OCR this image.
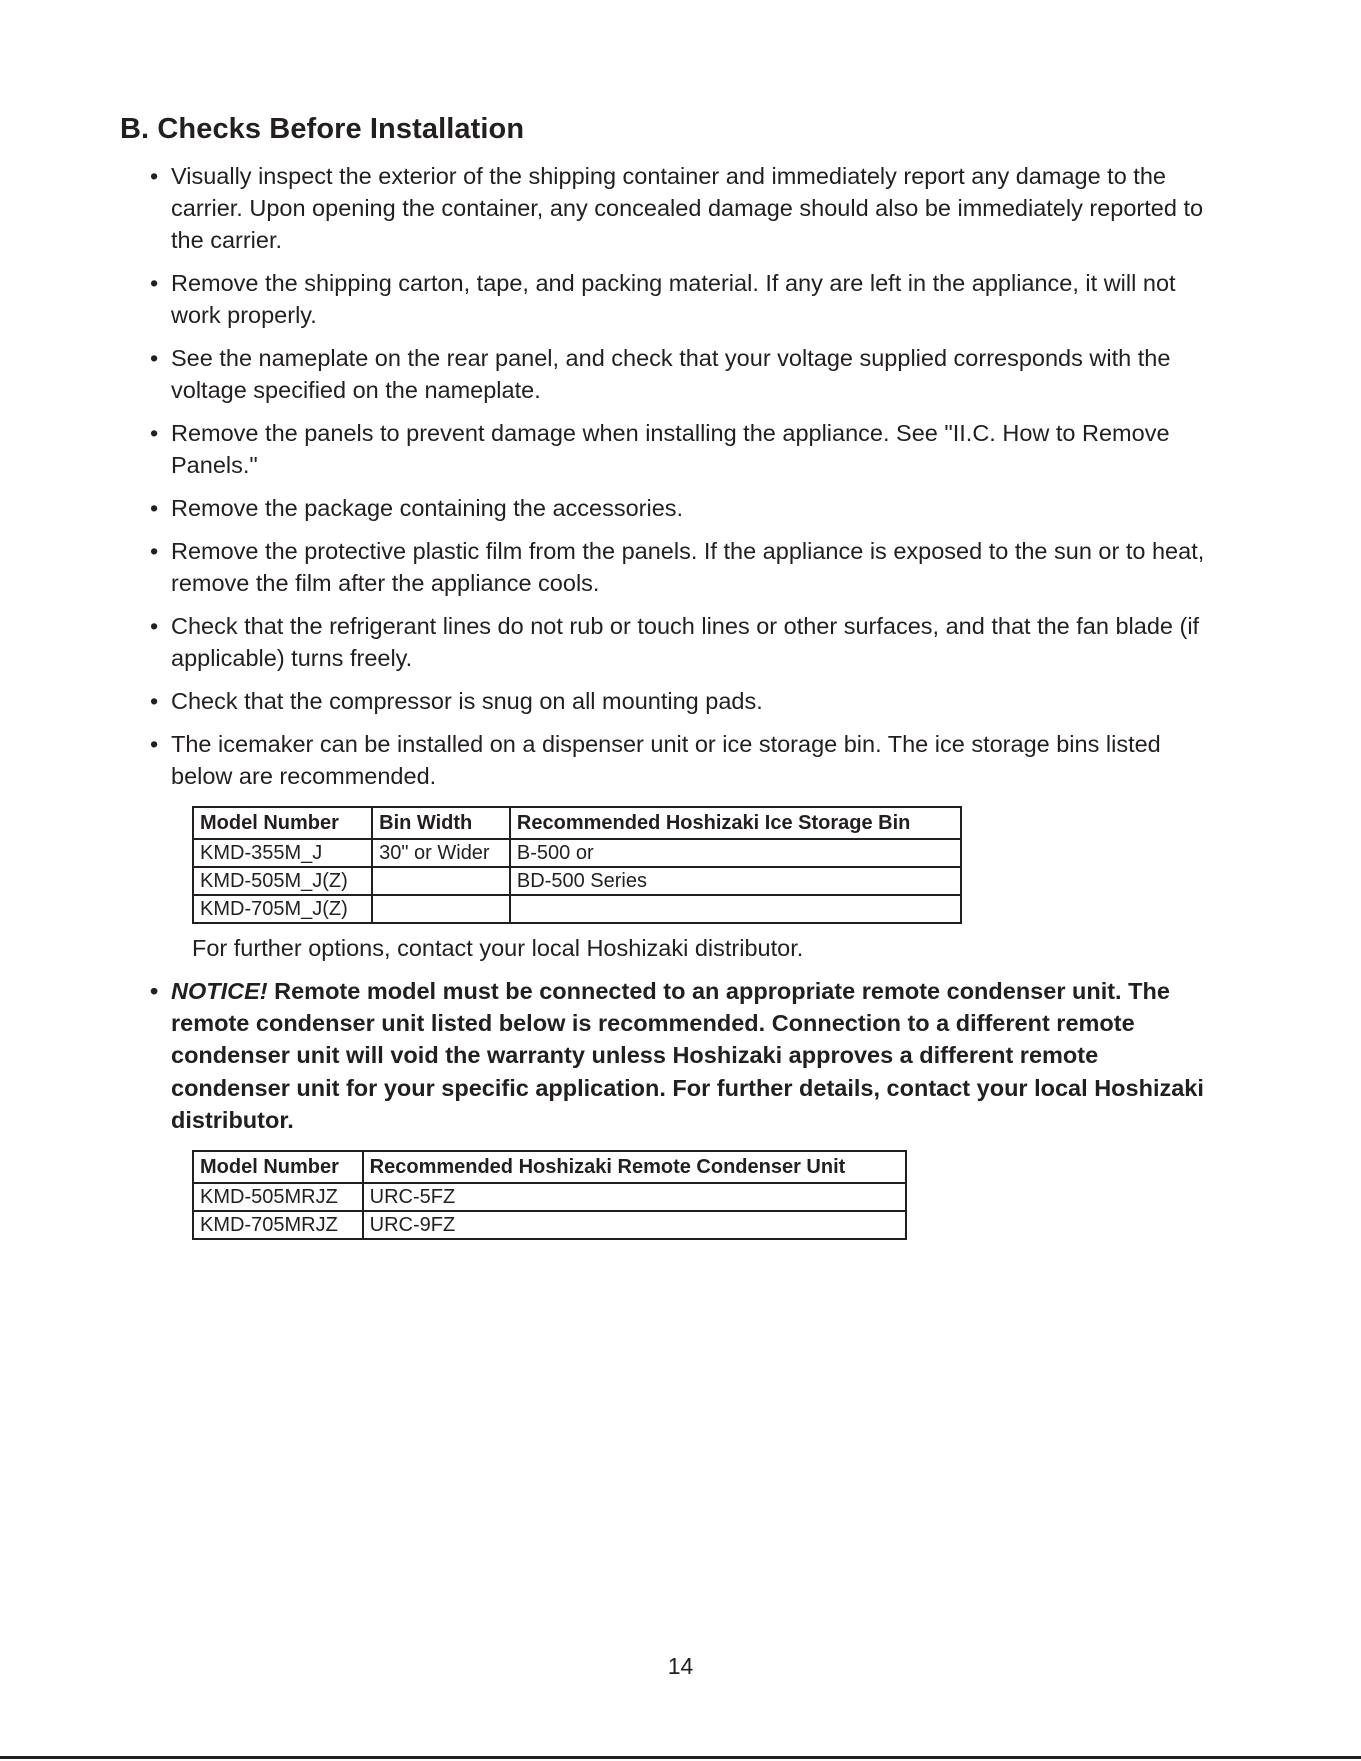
B. Checks Before Installation
• Visually inspect the exterior of the shipping container and immediately report any damage to the carrier. Upon opening the container, any concealed damage should also be immediately reported to the carrier.
• Remove the shipping carton, tape, and packing material. If any are left in the appliance, it will not work properly.
• See the nameplate on the rear panel, and check that your voltage supplied corresponds with the voltage specified on the nameplate.
• Remove the panels to prevent damage when installing the appliance. See "II.C. How to Remove Panels."
• Remove the package containing the accessories.
• Remove the protective plastic film from the panels. If the appliance is exposed to the sun or to heat, remove the film after the appliance cools.
• Check that the refrigerant lines do not rub or touch lines or other surfaces, and that the fan blade (if applicable) turns freely.
• Check that the compressor is snug on all mounting pads.
• The icemaker can be installed on a dispenser unit or ice storage bin. The ice storage bins listed below are recommended.
Model Number	Bin Width	Recommended Hoshizaki Ice Storage Bin
KMD-355M_J	30" or Wider	B-500 or
KMD-505M_J(Z)		BD-500 Series
KMD-705M_J(Z)		

For further options, contact your local Hoshizaki distributor.

• NOTICE! Remote model must be connected to an appropriate remote condenser unit. The remote condenser unit listed below is recommended. Connection to a different remote condenser unit will void the warranty unless Hoshizaki approves a different remote condenser unit for your specific application. For further details, contact your local Hoshizaki distributor.
Model Number	Recommended Hoshizaki Remote Condenser Unit
KMD-505MRJZ	URC-5FZ
KMD-705MRJZ	URC-9FZ
14
